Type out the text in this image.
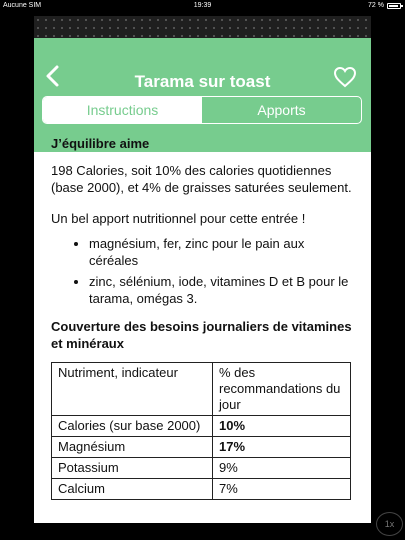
Aucune SIM	19:39	72 %
Tarama sur toast
Instructions	Apports

J’équilibre aime

198 Calories, soit 10% des calories quotidiennes (base 2000), et 4% de graisses saturées seulement.

Un bel apport nutritionnel pour cette entrée !

• magnésium, fer, zinc pour le pain aux céréales
• zinc, sélénium, iode, vitamines D et B pour le tarama, omégas 3.

Couverture des besoins journaliers de vitamines et minéraux

Nutriment, indicateur	% des recommandations du jour
Calories (sur base 2000)	10%
Magnésium	17%
Potassium	9%
Calcium	7%
1x
